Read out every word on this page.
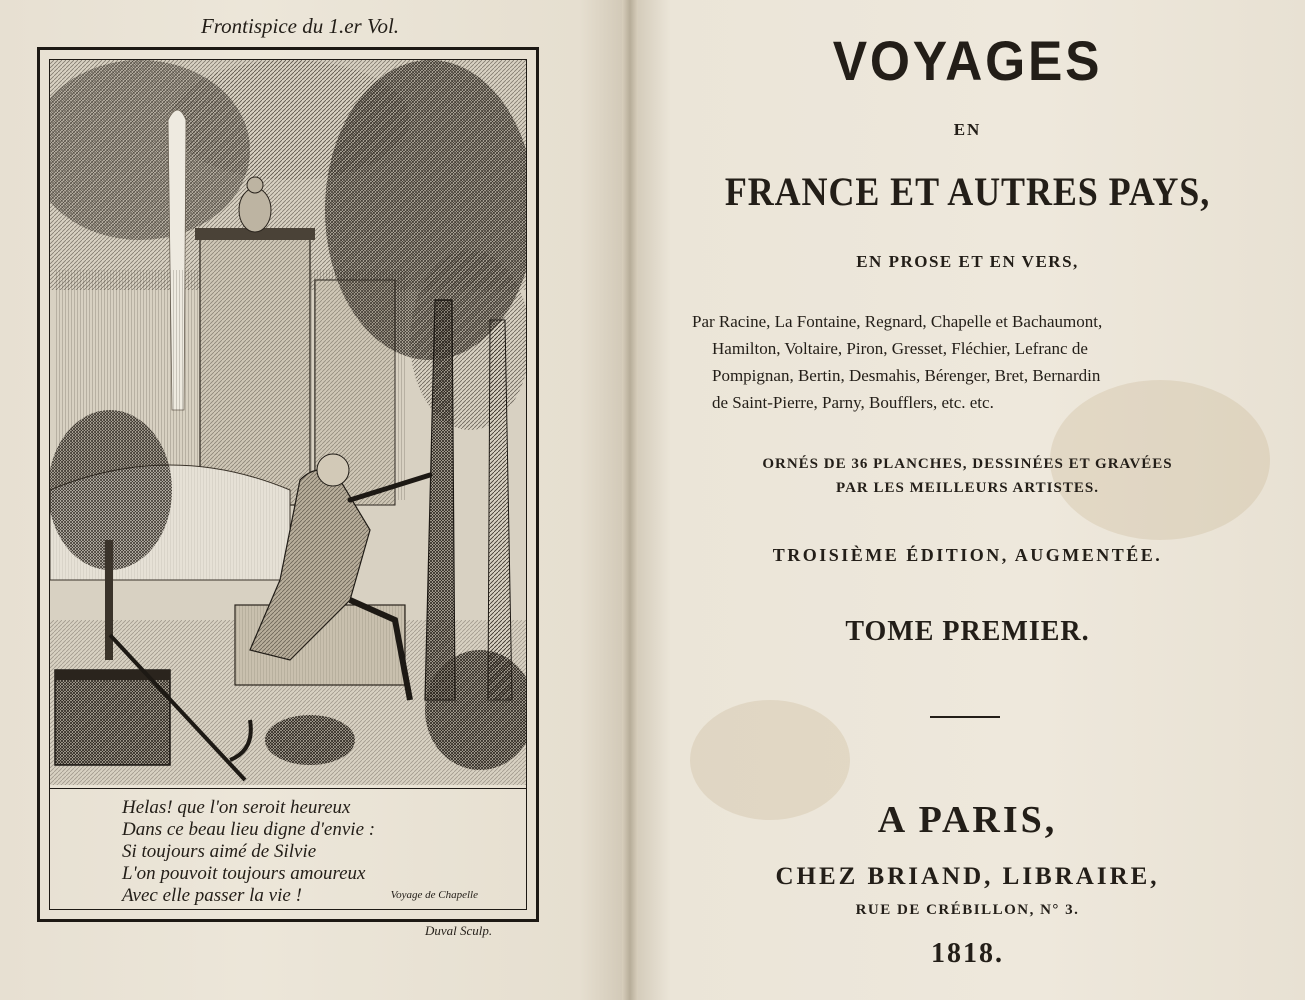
Frontispice du 1.er Vol.
Helas! que l'on seroit heureux
Dans ce beau lieu digne d'envie :
Si toujours aimé de Silvie
L'on pouvoit toujours amoureux
Avec elle passer la vie !	Voyage de Chapelle
Duval Sculp.
VOYAGES
EN
FRANCE ET AUTRES PAYS,
EN PROSE ET EN VERS,
Par Racine, La Fontaine, Regnard, Chapelle et Bachaumont,
Hamilton, Voltaire, Piron, Gresset, Fléchier, Lefranc de
Pompignan, Bertin, Desmahis, Bérenger, Bret, Bernardin
de Saint-Pierre, Parny, Boufflers, etc. etc.
ORNÉS DE 36 PLANCHES, DESSINÉES ET GRAVÉES
PAR LES MEILLEURS ARTISTES.
TROISIÈME ÉDITION, AUGMENTÉE.
TOME PREMIER.
A PARIS,
CHEZ BRIAND, LIBRAIRE,
RUE DE CRÉBILLON, N° 3.
1818.
